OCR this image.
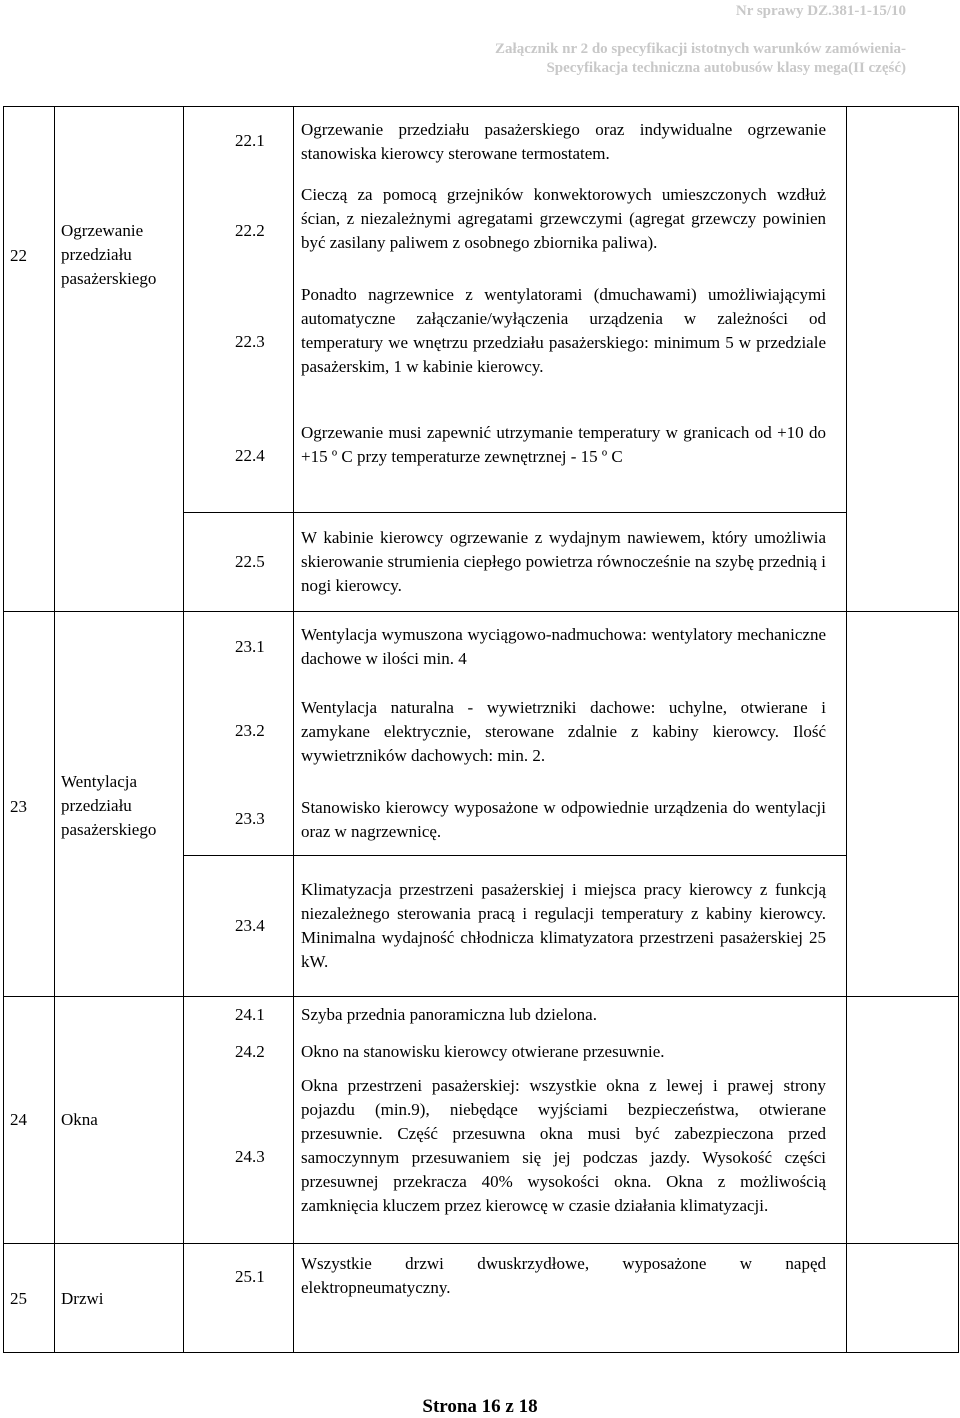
Nr sprawy DZ.381-1-15/10
Załącznik nr 2 do specyfikacji istotnych warunków zamówienia-
Specyfikacja techniczna autobusów klasy mega(II część)
22
Ogrzewanie
przedziału
pasażerskiego
22.1
Ogrzewanie przedziału pasażerskiego oraz indywidualne ogrzewanie stanowiska kierowcy sterowane termostatem.
22.2
Cieczą za pomocą grzejników konwektorowych umieszczonych wzdłuż ścian, z niezależnymi agregatami grzewczymi (agregat grzewczy powinien być zasilany paliwem z osobnego zbiornika paliwa).
22.3
Ponadto nagrzewnice z wentylatorami (dmuchawami) umożliwiającymi automatyczne załączanie/wyłączenia urządzenia w zależności od temperatury we wnętrzu przedziału pasażerskiego: minimum 5 w przedziale pasażerskim, 1 w kabinie kierowcy.
22.4
Ogrzewanie musi zapewnić utrzymanie temperatury w granicach od +10 do +15 º C przy temperaturze zewnętrznej - 15 º C
22.5
W kabinie kierowcy ogrzewanie z wydajnym nawiewem, który umożliwia skierowanie strumienia ciepłego powietrza równocześnie na szybę przednią i nogi kierowcy.
23
Wentylacja
przedziału
pasażerskiego
23.1
Wentylacja wymuszona wyciągowo-nadmuchowa: wentylatory mechaniczne dachowe w ilości min. 4
23.2
Wentylacja naturalna - wywietrzniki dachowe: uchylne, otwierane i zamykane elektrycznie, sterowane zdalnie z kabiny kierowcy. Ilość wywietrzników dachowych: min. 2.
23.3
Stanowisko kierowcy wyposażone w odpowiednie urządzenia do wentylacji oraz w nagrzewnicę.
23.4
Klimatyzacja przestrzeni pasażerskiej i miejsca pracy kierowcy z funkcją niezależnego sterowania pracą i regulacji temperatury z kabiny kierowcy. Minimalna wydajność chłodnicza klimatyzatora przestrzeni pasażerskiej 25 kW.
24 Okna
24.1 Szyba przednia panoramiczna lub dzielona.
24.2 Okno na stanowisku kierowcy otwierane przesuwnie.
24.3
Okna przestrzeni pasażerskiej: wszystkie okna z lewej i prawej strony pojazdu (min.9), niebędące wyjściami bezpieczeństwa, otwierane przesuwnie. Część przesuwna okna musi być zabezpieczona przed samoczynnym przesuwaniem się jej podczas jazdy. Wysokość części przesuwnej przekracza 40% wysokości okna. Okna z możliwością zamknięcia kluczem przez kierowcę w czasie działania klimatyzacji.
25 Drzwi
25.1
Wszystkie drzwi dwuskrzydłowe, wyposażone w napęd elektropneumatyczny.
Strona 16 z 18
